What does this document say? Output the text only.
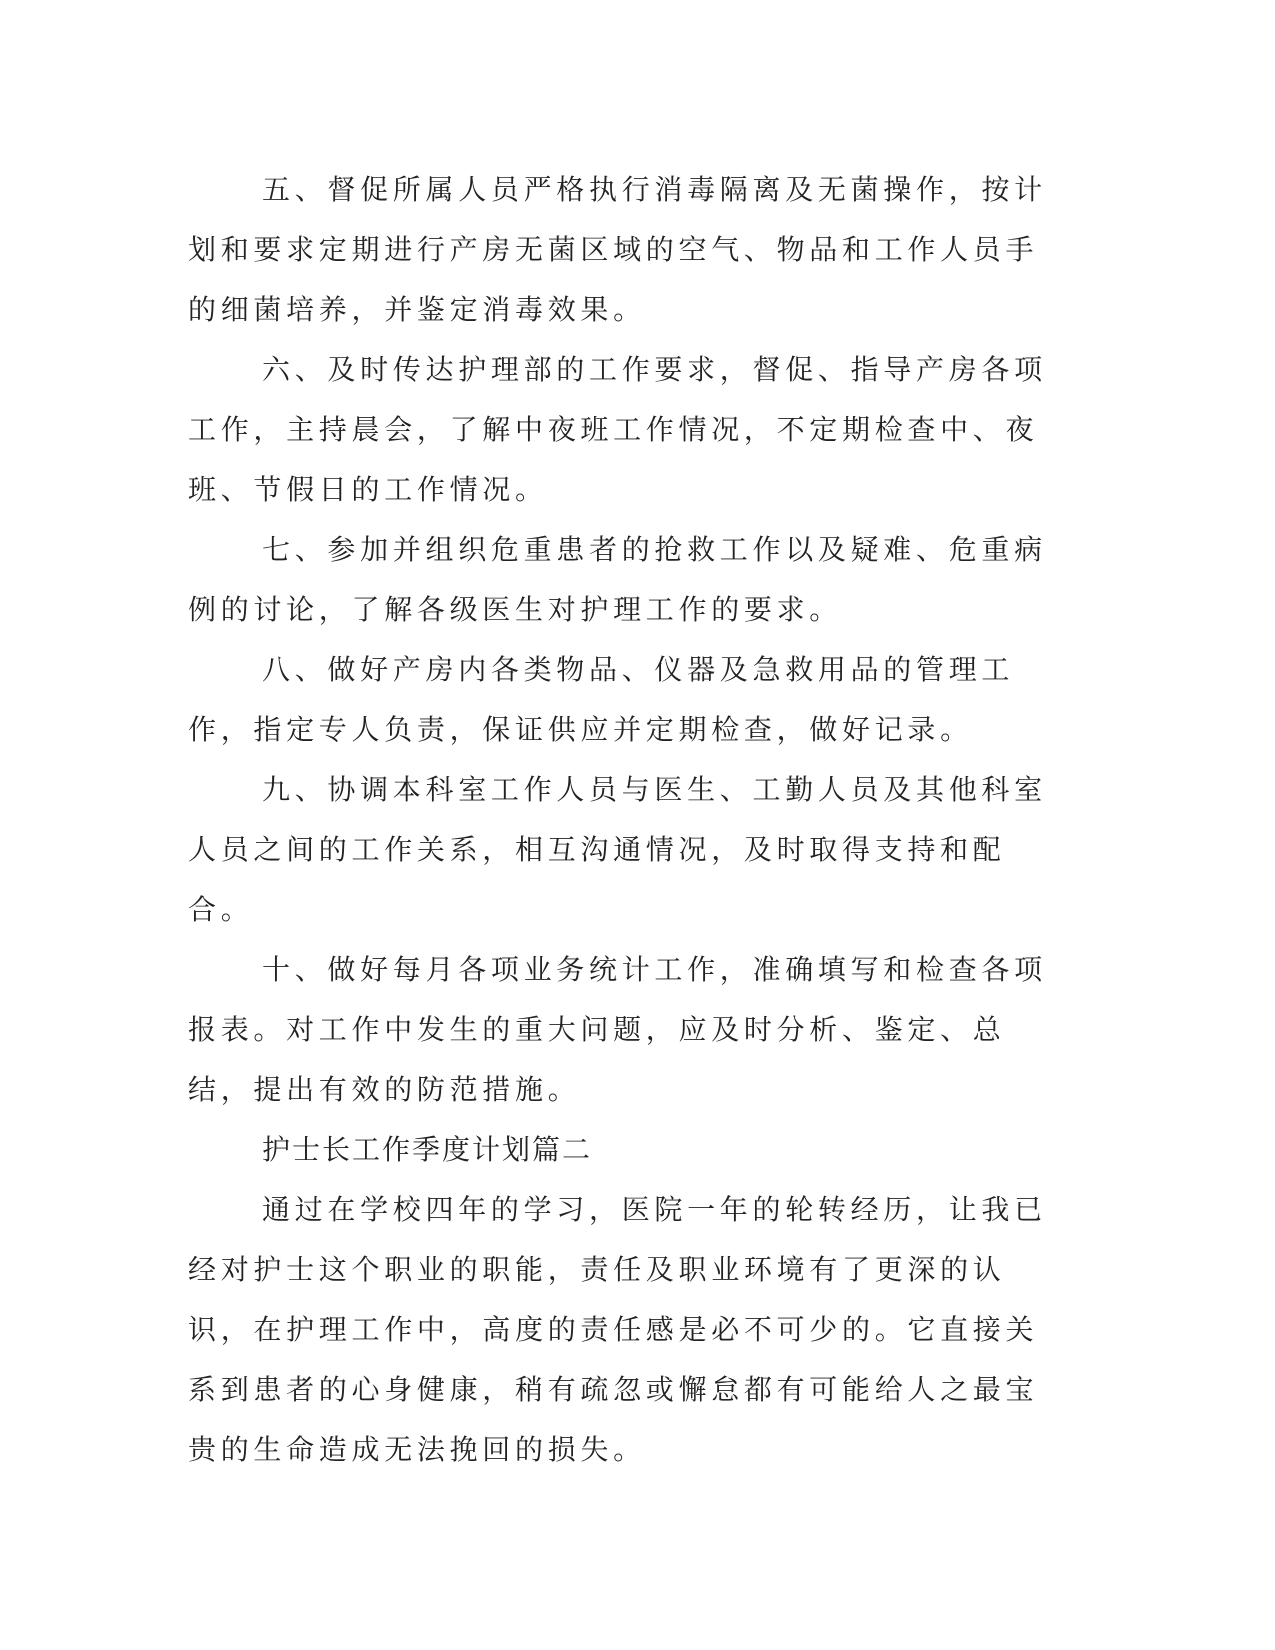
五、督促所属人员严格执行消毒隔离及无菌操作，按计划和要求定期进行产房无菌区域的空气、物品和工作人员手的细菌培养，并鉴定消毒效果。

六、及时传达护理部的工作要求，督促、指导产房各项工作，主持晨会，了解中夜班工作情况，不定期检查中、夜班、节假日的工作情况。

七、参加并组织危重患者的抢救工作以及疑难、危重病例的讨论，了解各级医生对护理工作的要求。

八、做好产房内各类物品、仪器及急救用品的管理工作，指定专人负责，保证供应并定期检查，做好记录。

九、协调本科室工作人员与医生、工勤人员及其他科室人员之间的工作关系，相互沟通情况，及时取得支持和配合。

十、做好每月各项业务统计工作，准确填写和检查各项报表。对工作中发生的重大问题，应及时分析、鉴定、总结，提出有效的防范措施。

护士长工作季度计划篇二

通过在学校四年的学习，医院一年的轮转经历，让我已经对护士这个职业的职能，责任及职业环境有了更深的认识，在护理工作中，高度的责任感是必不可少的。它直接关系到患者的心身健康，稍有疏忽或懈怠都有可能给人之最宝贵的生命造成无法挽回的损失。
